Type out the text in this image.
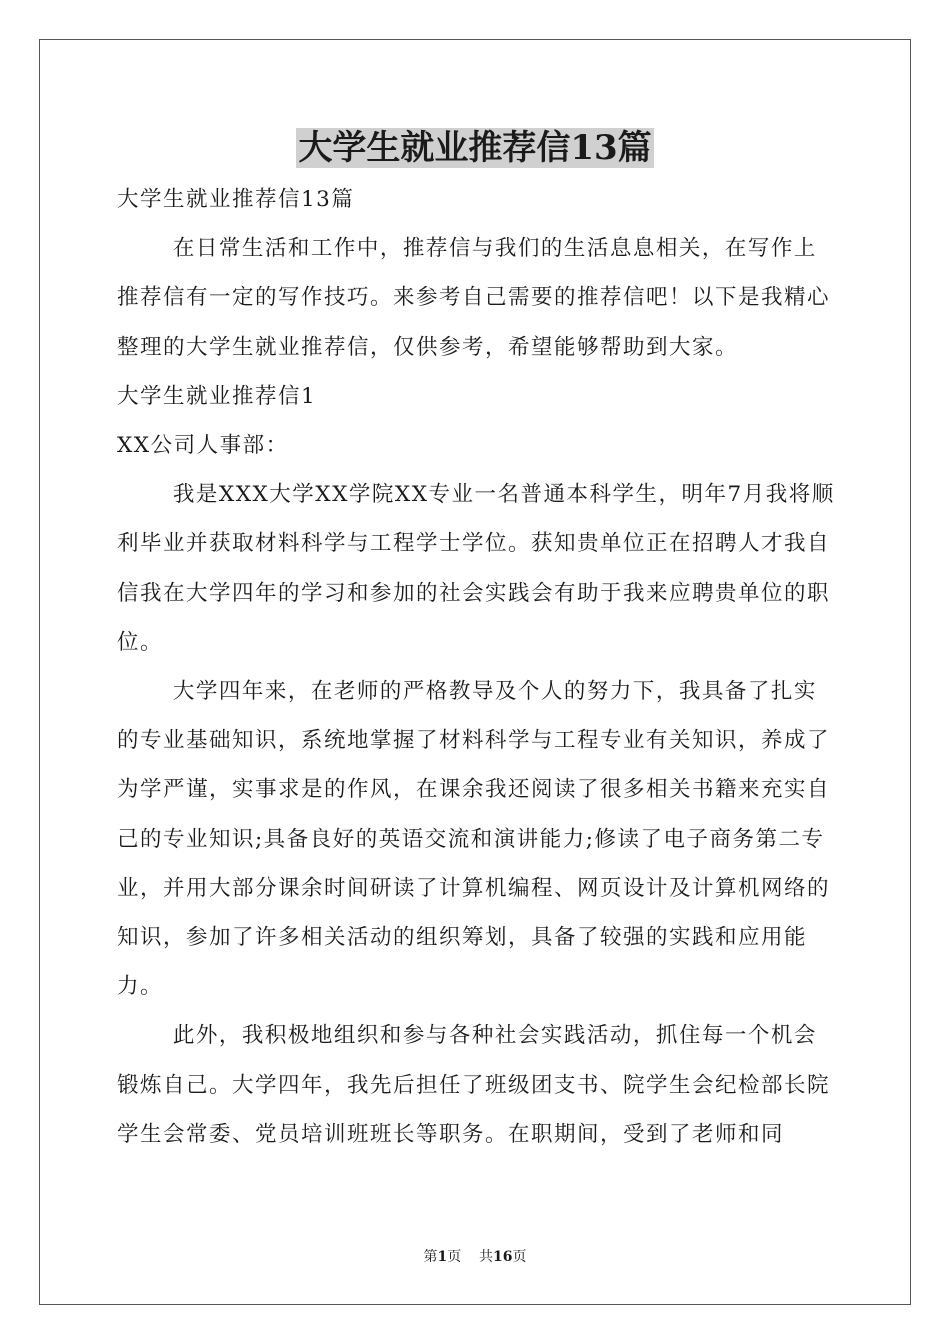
大学生就业推荐信13篇

大学生就业推荐信13篇

在日常生活和工作中，推荐信与我们的生活息息相关，在写作上推荐信有一定的写作技巧。来参考自己需要的推荐信吧！以下是我精心整理的大学生就业推荐信，仅供参考，希望能够帮助到大家。

大学生就业推荐信1

XX公司人事部：

我是XXX大学XX学院XX专业一名普通本科学生，明年7月我将顺利毕业并获取材料科学与工程学士学位。获知贵单位正在招聘人才我自信我在大学四年的学习和参加的社会实践会有助于我来应聘贵单位的职位。

大学四年来，在老师的严格教导及个人的努力下，我具备了扎实的专业基础知识，系统地掌握了材料科学与工程专业有关知识，养成了为学严谨，实事求是的作风，在课余我还阅读了很多相关书籍来充实自己的专业知识;具备良好的英语交流和演讲能力;修读了电子商务第二专业，并用大部分课余时间研读了计算机编程、网页设计及计算机网络的知识，参加了许多相关活动的组织筹划，具备了较强的实践和应用能力。

此外，我积极地组织和参与各种社会实践活动，抓住每一个机会锻炼自己。大学四年，我先后担任了班级团支书、院学生会纪检部长院学生会常委、党员培训班班长等职务。在职期间，受到了老师和同

第1页    共16页
